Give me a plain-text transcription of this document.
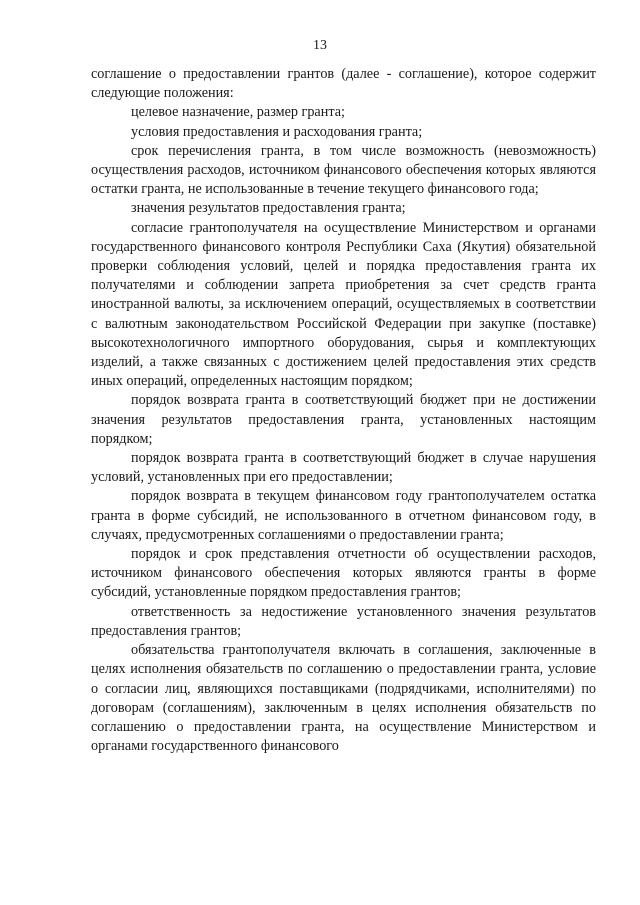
13

соглашение о предоставлении грантов (далее - соглашение), которое содержит следующие положения:

целевое назначение, размер гранта;

условия предоставления и расходования гранта;

срок перечисления гранта, в том числе возможность (невозможность) осуществления расходов, источником финансового обеспечения которых являются остатки гранта, не использованные в течение текущего финансового года;

значения результатов предоставления гранта;

согласие грантополучателя на осуществление Министерством и органами государственного финансового контроля Республики Саха (Якутия) обязательной проверки соблюдения условий, целей и порядка предоставления гранта их получателями и соблюдении запрета приобретения за счет средств гранта иностранной валюты, за исключением операций, осуществляемых в соответствии с валютным законодательством Российской Федерации при закупке (поставке) высокотехнологичного импортного оборудования, сырья и комплектующих изделий, а также связанных с достижением целей предоставления этих средств иных операций, определенных настоящим порядком;

порядок возврата гранта в соответствующий бюджет при не достижении значения результатов предоставления гранта, установленных настоящим порядком;

порядок возврата гранта в соответствующий бюджет в случае нарушения условий, установленных при его предоставлении;

порядок возврата в текущем финансовом году грантополучателем остатка гранта в форме субсидий, не использованного в отчетном финансовом году, в случаях, предусмотренных соглашениями о предоставлении гранта;

порядок и срок представления отчетности об осуществлении расходов, источником финансового обеспечения которых являются гранты в форме субсидий, установленные порядком предоставления грантов;

ответственность за недостижение установленного значения результатов предоставления грантов;

обязательства грантополучателя включать в соглашения, заключенные в целях исполнения обязательств по соглашению о предоставлении гранта, условие о согласии лиц, являющихся поставщиками (подрядчиками, исполнителями) по договорам (соглашениям), заключенным в целях исполнения обязательств по соглашению о предоставлении гранта, на осуществление Министерством и органами государственного финансового
